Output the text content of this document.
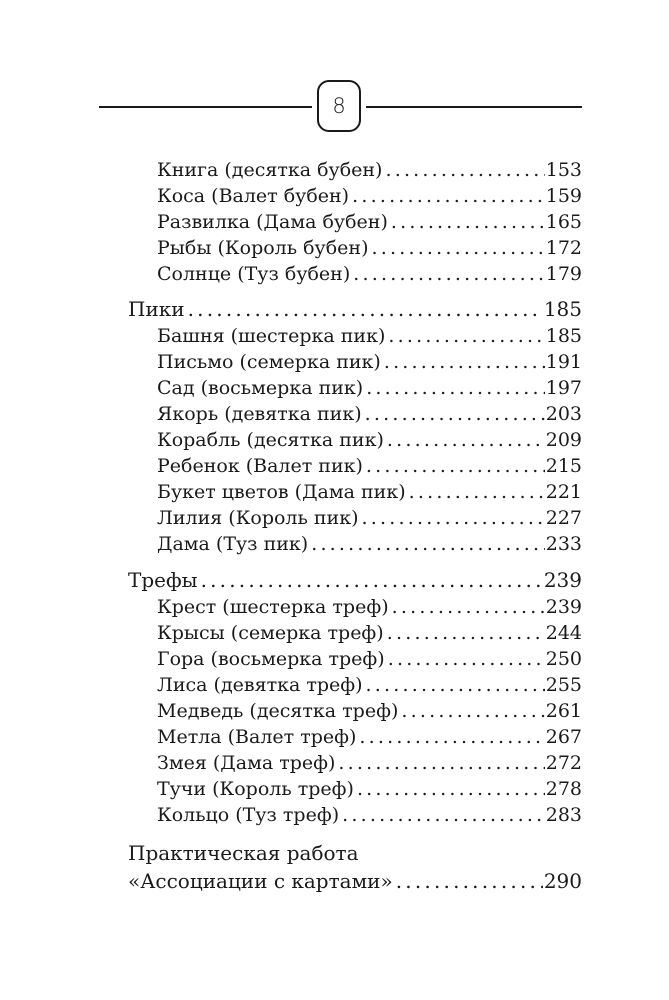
8
Книга (десятка бубен) .....	153
Коса (Валет бубен) .....	159
Развилка (Дама бубен) .....	165
Рыбы (Король бубен) .....	172
Солнце (Туз бубен) .....	179
Пики .....	185
Башня (шестерка пик) .....	185
Письмо (семерка пик) .....	191
Сад (восьмерка пик) .....	197
Якорь (девятка пик) .....	203
Корабль (десятка пик) .....	209
Ребенок (Валет пик) .....	215
Букет цветов (Дама пик) .....	221
Лилия (Король пик) .....	227
Дама (Туз пик) .....	233
Трефы .....	239
Крест (шестерка треф) .....	239
Крысы (семерка треф) .....	244
Гора (восьмерка треф) .....	250
Лиса (девятка треф) .....	255
Медведь (десятка треф) .....	261
Метла (Валет треф) .....	267
Змея (Дама треф) .....	272
Тучи (Король треф) .....	278
Кольцо (Туз треф) .....	283
Практическая работа
«Ассоциации с картами» .....	290
